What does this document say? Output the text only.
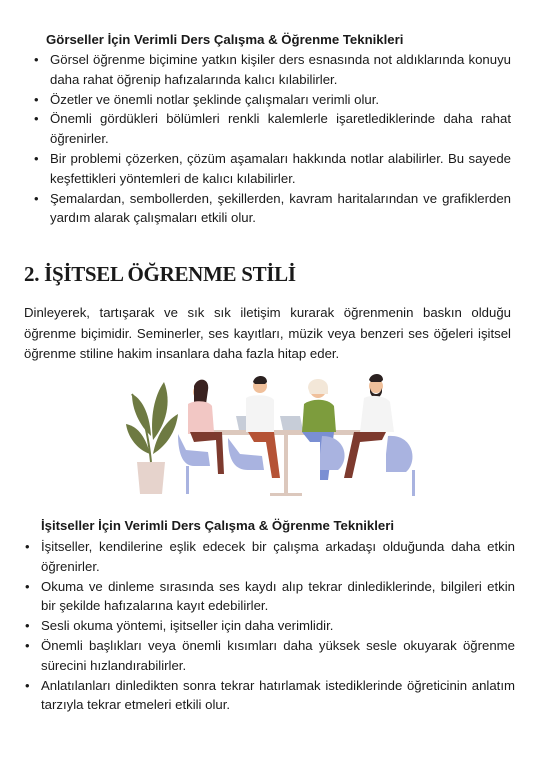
Görseller İçin Verimli Ders Çalışma & Öğrenme Teknikleri
• Görsel öğrenme biçimine yatkın kişiler ders esnasında not aldıklarında konuyu daha rahat öğrenip hafızalarında kalıcı kılabilirler.
• Özetler ve önemli notlar şeklinde çalışmaları verimli olur.
• Önemli gördükleri bölümleri renkli kalemlerle işaretlediklerinde daha rahat öğrenirler.
• Bir problemi çözerken, çözüm aşamaları hakkında notlar alabilirler. Bu sayede keşfettikleri yöntemleri de kalıcı kılabilirler.
• Şemalardan, sembollerden, şekillerden, kavram haritalarından ve grafiklerden yardım alarak çalışmaları etkili olur.
2. İŞİTSEL ÖĞRENME STİLİ
Dinleyerek, tartışarak ve sık sık iletişim kurarak öğrenmenin baskın olduğu öğrenme biçimidir. Seminerler, ses kayıtları, müzik veya benzeri ses öğeleri işitsel öğrenme stiline hakim insanlara daha fazla hitap eder.
İşitseller İçin Verimli Ders Çalışma & Öğrenme Teknikleri
• İşitseller, kendilerine eşlik edecek bir çalışma arkadaşı olduğunda daha etkin öğrenirler.
• Okuma ve dinleme sırasında ses kaydı alıp tekrar dinlediklerinde, bilgileri etkin bir şekilde hafızalarına kayıt edebilirler.
• Sesli okuma yöntemi, işitseller için daha verimlidir.
• Önemli başlıkları veya önemli kısımları daha yüksek sesle okuyarak öğrenme sürecini hızlandırabilirler.
• Anlatılanları dinledikten sonra tekrar hatırlamak istediklerinde öğreticinin anlatım tarzıyla tekrar etmeleri etkili olur.
